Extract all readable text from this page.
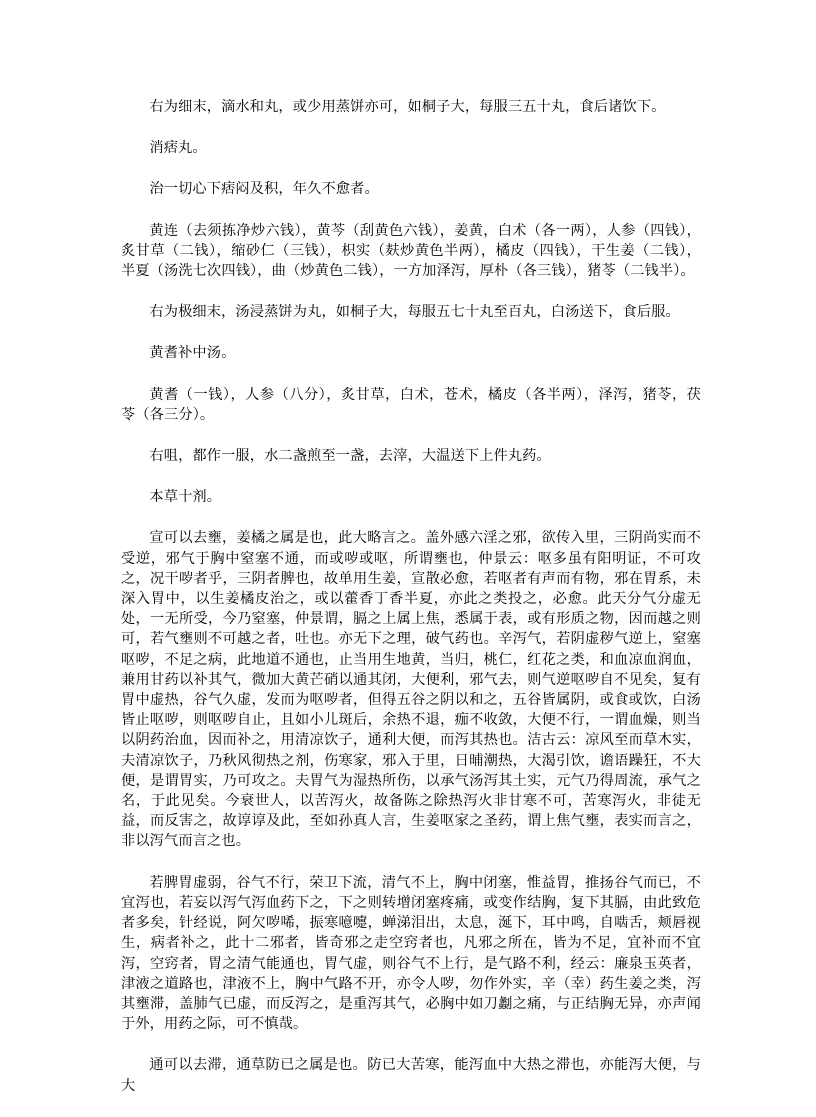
右为细末，滴水和丸，或少用蒸饼亦可，如桐子大，每服三五十丸，食后诸饮下。

消痞丸。

治一切心下痞闷及积，年久不愈者。

黄连（去须拣净炒六钱），黄芩（刮黄色六钱），姜黄，白术（各一两），人参（四钱），炙甘草（二钱），缩砂仁（三钱），枳实（麸炒黄色半两），橘皮（四钱），干生姜（二钱），半夏（汤洗七次四钱），曲（炒黄色二钱），一方加泽泻，厚朴（各三钱），猪苓（二钱半）。

右为极细末，汤浸蒸饼为丸，如桐子大，每服五七十丸至百丸，白汤送下，食后服。

黄耆补中汤。

黄耆（一钱），人参（八分），炙甘草，白术，苍术，橘皮（各半两），泽泻，猪苓，茯苓（各三分）。

右咀，都作一服，水二盏煎至一盏，去滓，大温送下上件丸药。

本草十剂。

宣可以去壅，姜橘之属是也，此大略言之。盖外感六淫之邪，欲传入里，三阴尚实而不受逆，邪气于胸中窒塞不通，而或哕或呕，所谓壅也，仲景云：呕多虽有阳明证，不可攻之，况干哕者乎，三阴者脾也，故单用生姜，宣散必愈，若呕者有声而有物，邪在胃系，未深入胃中，以生姜橘皮治之，或以藿香丁香半夏，亦此之类投之，必愈。此天分气分虚无处，一无所受，今乃窒塞，仲景谓，膈之上属上焦，悉属于表，或有形质之物，因而越之则可，若气壅则不可越之者，吐也。亦无下之理，破气药也。辛泻气，若阴虚秽气逆上，窒塞呕哕，不足之病，此地道不通也，止当用生地黄，当归，桃仁，红花之类，和血凉血润血，兼用甘药以补其气，微加大黄芒硝以通其闭，大便利，邪气去，则气逆呕哕自不见矣，复有胃中虚热，谷气久虚，发而为呕哕者，但得五谷之阴以和之，五谷皆属阴，或食或饮，白汤皆止呕哕，则呕哕自止，且如小儿斑后，余热不退，痂不收敛，大便不行，一谓血燥，则当以阴药治血，因而补之，用清凉饮子，通利大便，而泻其热也。洁古云：凉风至而草木实，夫清凉饮子，乃秋风彻热之剂，伤寒家，邪入于里，日晡潮热，大渴引饮，谵语躁狂，不大便，是谓胃实，乃可攻之。夫胃气为湿热所伤，以承气汤泻其土实，元气乃得周流，承气之名，于此见矣。今衰世人，以苦泻火，故备陈之除热泻火非甘寒不可，苦寒泻火，非徒无益，而反害之，故谆谆及此，至如孙真人言，生姜呕家之圣药，谓上焦气壅，表实而言之，非以泻气而言之也。

若脾胃虚弱，谷气不行，荣卫下流，清气不上，胸中闭塞，惟益胃，推扬谷气而已，不宜泻也，若妄以泻气泻血药下之，下之则转增闭塞疼痛，或变作结胸，复下其膈，由此致危者多矣，针经说，阿欠哕唏，振寒噫嚏，蝉涕泪出，太息，涎下，耳中鸣，自啮舌，颊唇视生，病者补之，此十二邪者，皆奇邪之走空窍者也，凡邪之所在，皆为不足，宜补而不宜泻，空窍者，胃之清气能通也，胃气虚，则谷气不上行，是气路不利，经云：廉泉玉英者，津液之道路也，津液不上，胸中气路不开，亦令人哕，勿作外实，辛（幸）药生姜之类，泻其壅滞，盖肺气已虚，而反泻之，是重泻其气，必胸中如刀劙之痛，与正结胸无异，亦声闻于外，用药之际，可不慎哉。

通可以去滞，通草防已之属是也。防已大苦寒，能泻血中大热之滞也，亦能泻大便，与大
